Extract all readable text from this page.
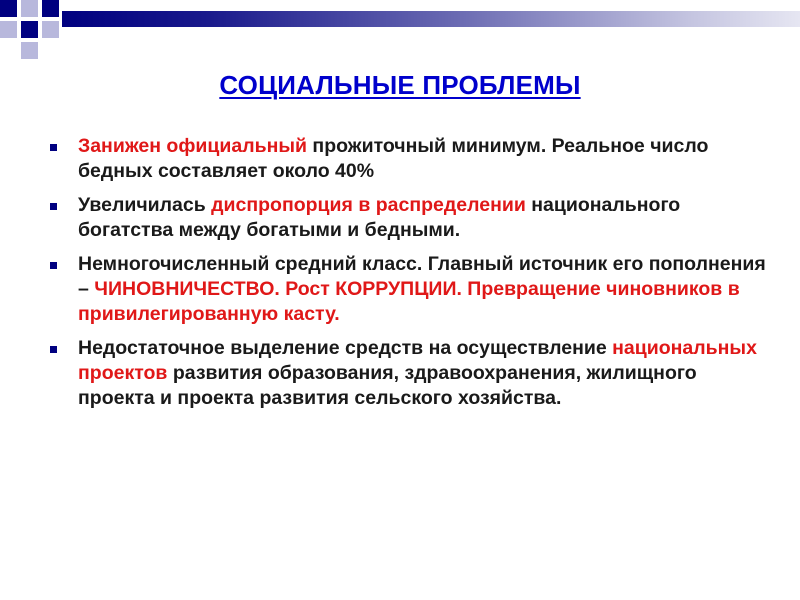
СОЦИАЛЬНЫЕ ПРОБЛЕМЫ
Занижен официальный прожиточный минимум. Реальное число бедных составляет около 40%
Увеличилась диспропорция в распределении национального богатства между богатыми и бедными.
Немногочисленный средний класс. Главный источник его пополнения – ЧИНОВНИЧЕСТВО. Рост КОРРУПЦИИ. Превращение чиновников в привилегированную касту.
Недостаточное выделение средств на осуществление национальных проектов развития образования, здравоохранения, жилищного проекта и проекта развития сельского хозяйства.
